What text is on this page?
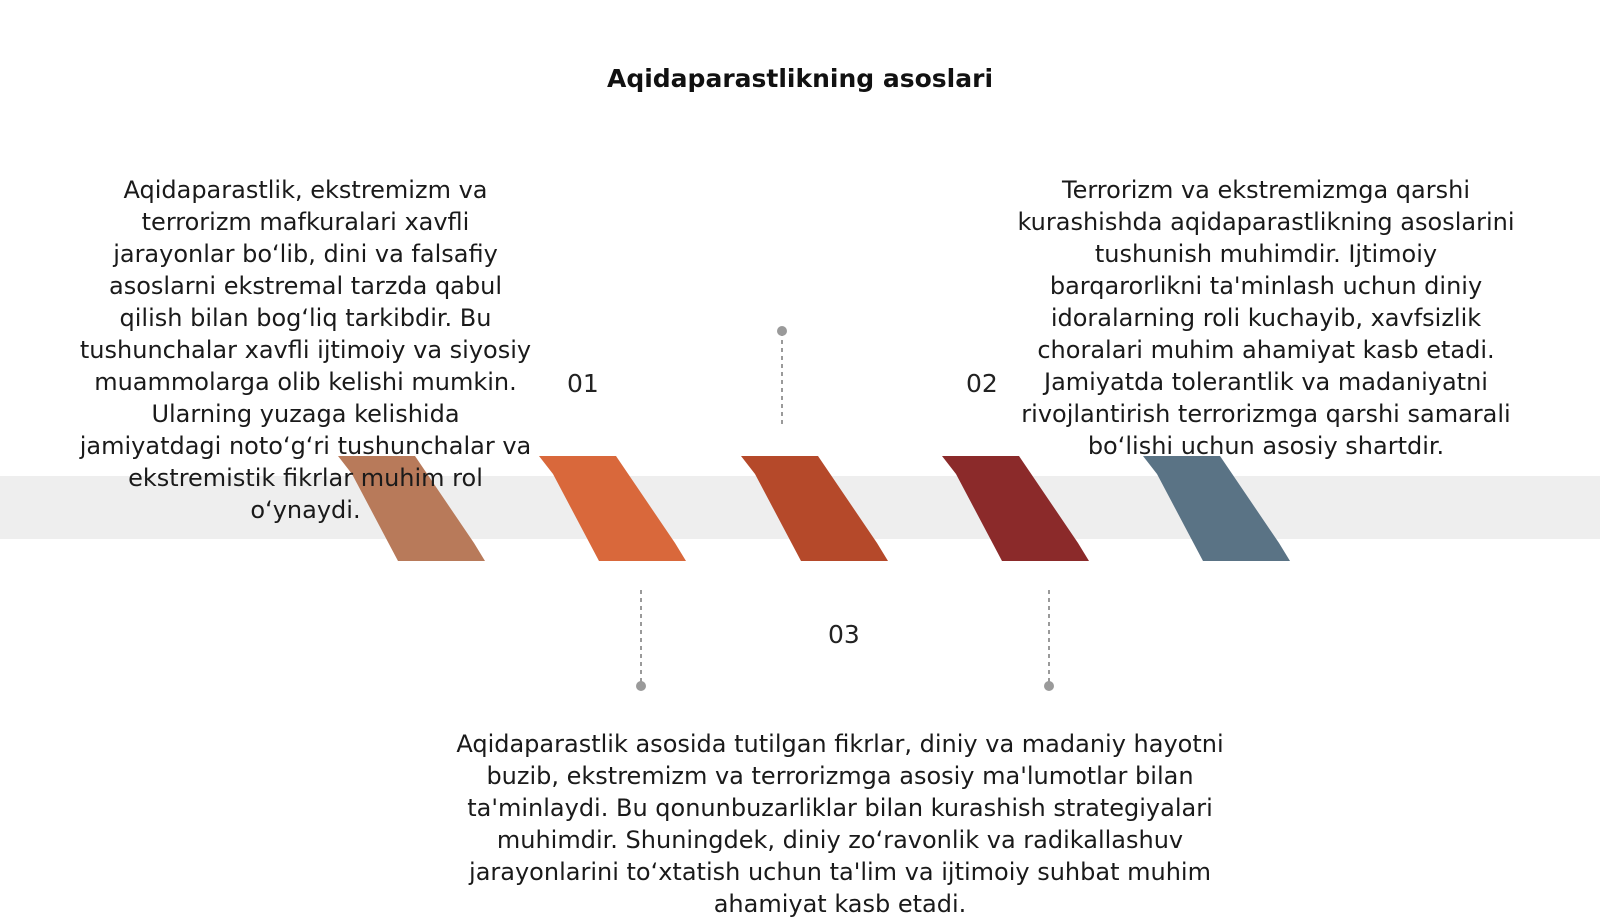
Aqidaparastlikning asoslari
01	02
03
Aqidaparastlik, ekstremizm va terrorizm mafkuralari xavfli jarayonlar bo‘lib, dini va falsafiy asoslarni ekstremal tarzda qabul qilish bilan bog‘liq tarkibdir. Bu tushunchalar xavfli ijtimoiy va siyosiy muammolarga olib kelishi mumkin. Ularning yuzaga kelishida jamiyatdagi noto‘g‘ri tushunchalar va ekstremistik fikrlar muhim rol o‘ynaydi.
Terrorizm va ekstremizmga qarshi kurashishda aqidaparastlikning asoslarini tushunish muhimdir. Ijtimoiy barqarorlikni ta'minlash uchun diniy idoralarning roli kuchayib, xavfsizlik choralari muhim ahamiyat kasb etadi. Jamiyatda tolerantlik va madaniyatni rivojlantirish terrorizmga qarshi samarali bo‘lishi uchun asosiy shartdir.
Aqidaparastlik asosida tutilgan fikrlar, diniy va madaniy hayotni buzib, ekstremizm va terrorizmga asosiy ma'lumotlar bilan ta'minlaydi. Bu qonunbuzarliklar bilan kurashish strategiyalari muhimdir. Shuningdek, diniy zo‘ravonlik va radikallashuv jarayonlarini to‘xtatish uchun ta'lim va ijtimoiy suhbat muhim ahamiyat kasb etadi.
